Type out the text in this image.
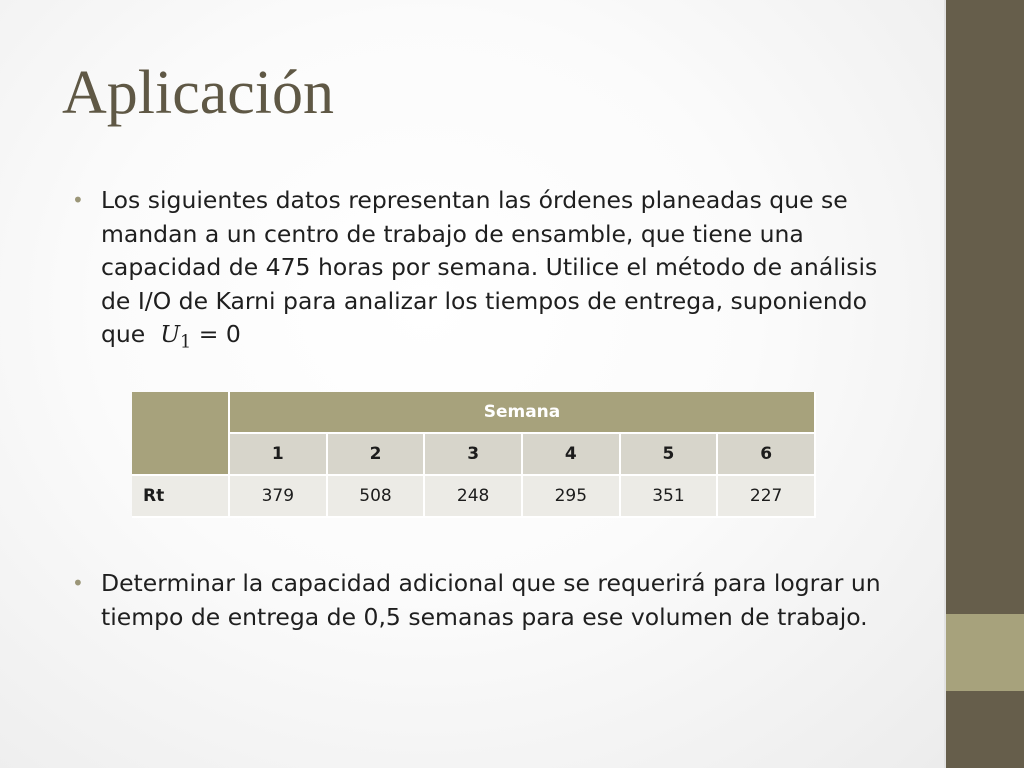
Aplicación
• Los siguientes datos representan las órdenes planeadas que se mandan a un centro de trabajo de ensamble, que tiene una capacidad de 475 horas por semana. Utilice el método de análisis de I/O de Karni para analizar los tiempos de entrega, suponiendo que $U_1 = 0$
	Semana					
	1	2	3	4	5	6
Rt	379	508	248	295	351	227
• Determinar la capacidad adicional que se requerirá para lograr un tiempo de entrega de 0,5 semanas para ese volumen de trabajo.
